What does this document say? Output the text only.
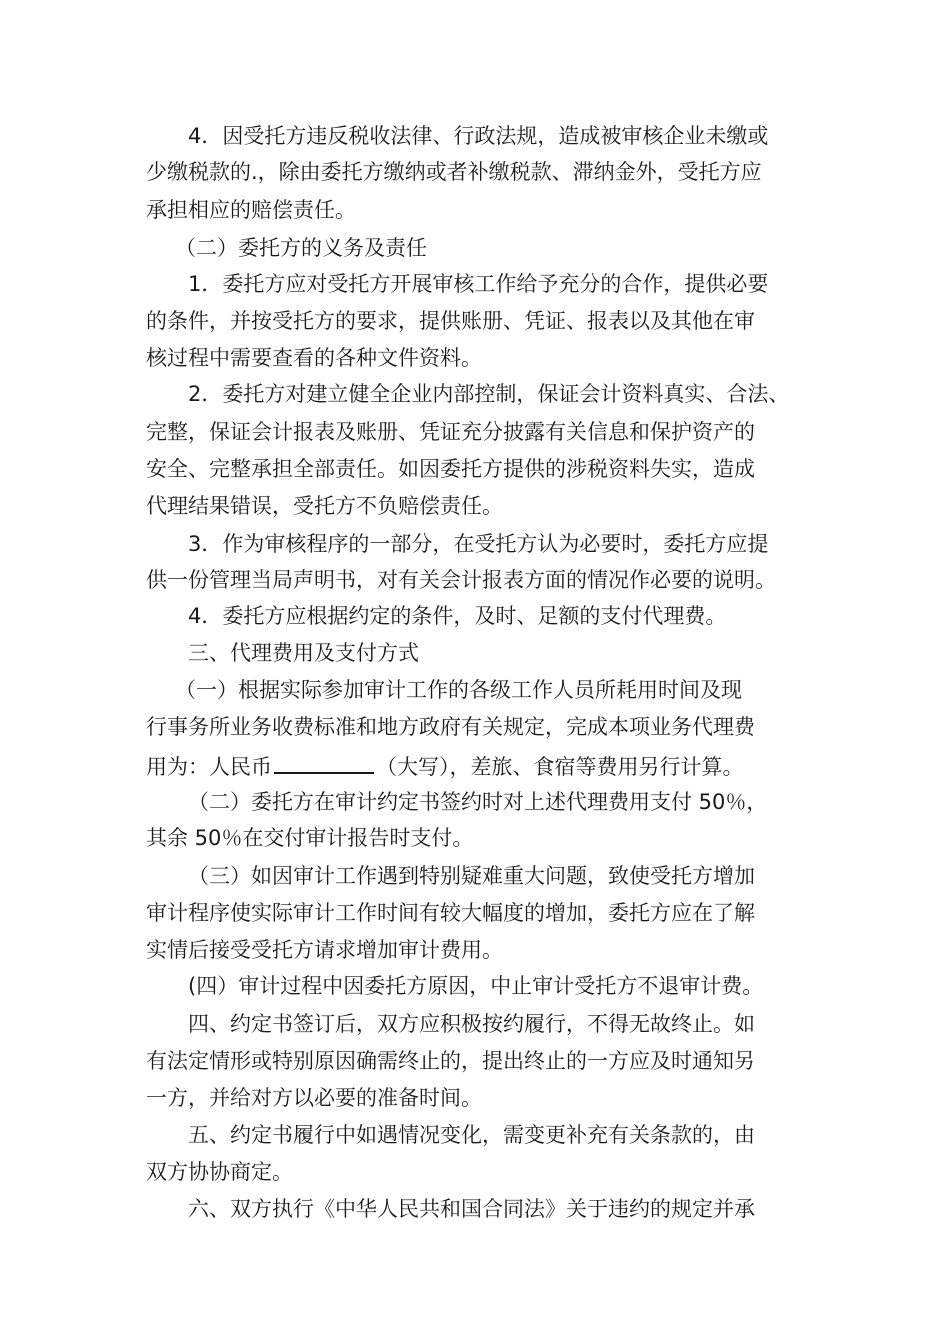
4．因受托方违反税收法律、行政法规，造成被审核企业未缴或
少缴税款的.，除由委托方缴纳或者补缴税款、滞纳金外，受托方应
承担相应的赔偿责任。
（二）委托方的义务及责任
1．委托方应对受托方开展审核工作给予充分的合作，提供必要
的条件，并按受托方的要求，提供账册、凭证、报表以及其他在审
核过程中需要查看的各种文件资料。
2．委托方对建立健全企业内部控制，保证会计资料真实、合法、
完整，保证会计报表及账册、凭证充分披露有关信息和保护资产的
安全、完整承担全部责任。如因委托方提供的涉税资料失实，造成
代理结果错误，受托方不负赔偿责任。
3．作为审核程序的一部分，在受托方认为必要时，委托方应提
供一份管理当局声明书，对有关会计报表方面的情况作必要的说明。
4．委托方应根据约定的条件，及时、足额的支付代理费。
三、代理费用及支付方式
（一）根据实际参加审计工作的各级工作人员所耗用时间及现
行事务所业务收费标准和地方政府有关规定，完成本项业务代理费
用为：人民币	（大写），差旅、食宿等费用另行计算。
（二）委托方在审计约定书签约时对上述代理费用支付 50％，
其余 50％在交付审计报告时支付。
（三）如因审计工作遇到特别疑难重大问题，致使受托方增加
审计程序使实际审计工作时间有较大幅度的增加，委托方应在了解
实情后接受受托方请求增加审计费用。
(四）审计过程中因委托方原因，中止审计受托方不退审计费。
四、约定书签订后，双方应积极按约履行，不得无故终止。如
有法定情形或特别原因确需终止的，提出终止的一方应及时通知另
一方，并给对方以必要的准备时间。
五、约定书履行中如遇情况变化，需变更补充有关条款的，由
双方协协商定。
六、双方执行《中华人民共和国合同法》关于违约的规定并承
